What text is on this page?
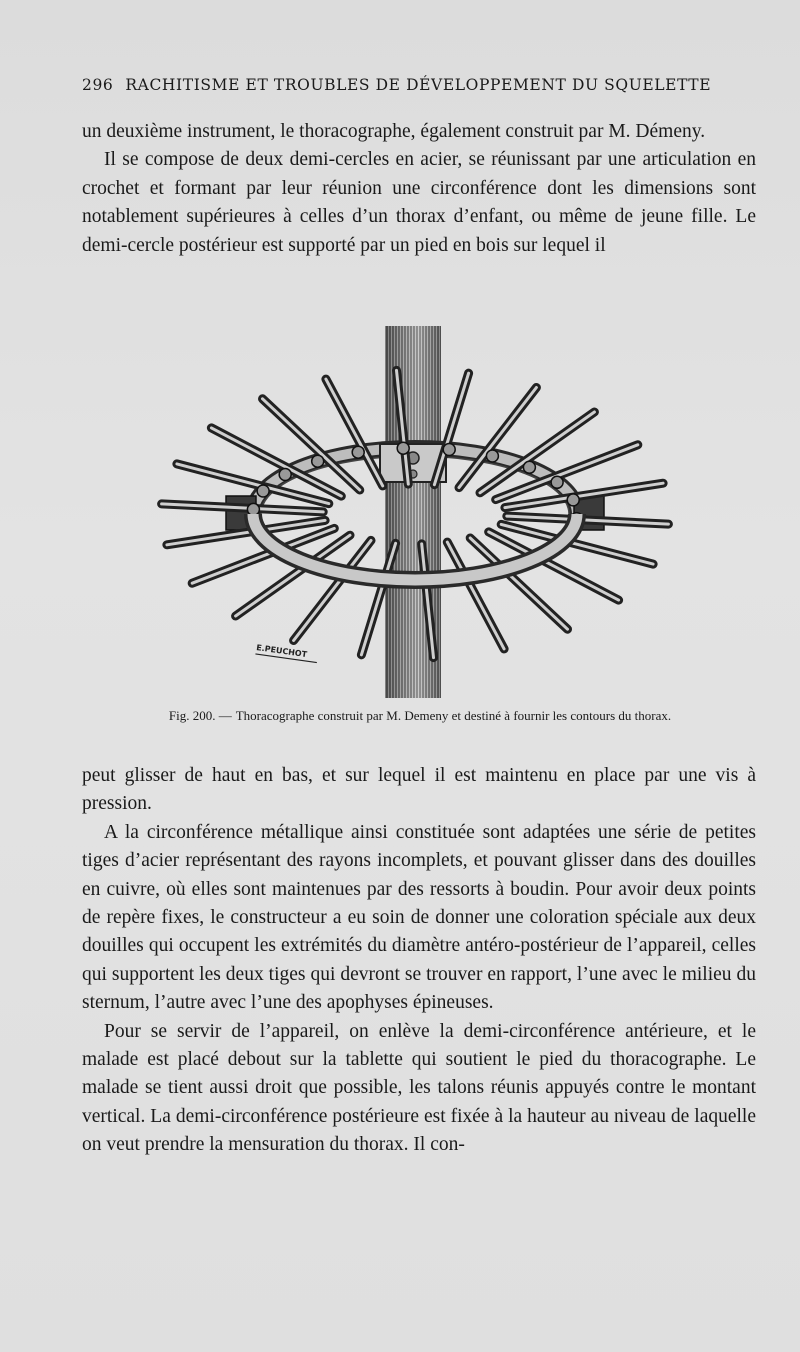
296 RACHITISME ET TROUBLES DE DÉVELOPPEMENT DU SQUELETTE

un deuxième instrument, le thoracographe, également construit par M. Démeny.

Il se compose de deux demi-cercles en acier, se réunissant par une articulation en crochet et formant par leur réunion une circonférence dont les dimensions sont notablement supérieures à celles d’un thorax d’enfant, ou même de jeune fille. Le demi-cercle postérieur est supporté par un pied en bois sur lequel il

E.PEUCHOT
Fig. 200. — Thoracographe construit par M. Demeny et destiné à fournir les contours du thorax.

peut glisser de haut en bas, et sur lequel il est maintenu en place par une vis à pression.

A la circonférence métallique ainsi constituée sont adaptées une série de petites tiges d’acier représentant des rayons incomplets, et pouvant glisser dans des douilles en cuivre, où elles sont maintenues par des ressorts à boudin. Pour avoir deux points de repère fixes, le constructeur a eu soin de donner une coloration spéciale aux deux douilles qui occupent les extrémités du diamètre antéro-postérieur de l’appareil, celles qui supportent les deux tiges qui devront se trouver en rapport, l’une avec le milieu du sternum, l’autre avec l’une des apophyses épineuses.

Pour se servir de l’appareil, on enlève la demi-circonférence antérieure, et le malade est placé debout sur la tablette qui soutient le pied du thoracographe. Le malade se tient aussi droit que possible, les talons réunis appuyés contre le montant vertical. La demi-circonférence postérieure est fixée à la hauteur au niveau de laquelle on veut prendre la mensuration du thorax. Il con-
